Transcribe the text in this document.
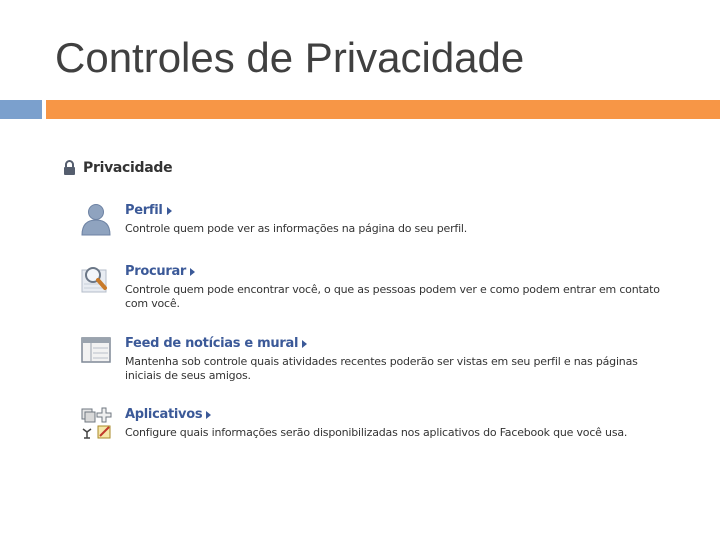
Controles de Privacidade
Privacidade
Perfil
Controle quem pode ver as informações na página do seu perfil.
Procurar
Controle quem pode encontrar você, o que as pessoas podem ver e como podem entrar em contato com você.
Feed de notícias e mural
Mantenha sob controle quais atividades recentes poderão ser vistas em seu perfil e nas páginas iniciais de seus amigos.
Aplicativos
Configure quais informações serão disponibilizadas nos aplicativos do Facebook que você usa.
